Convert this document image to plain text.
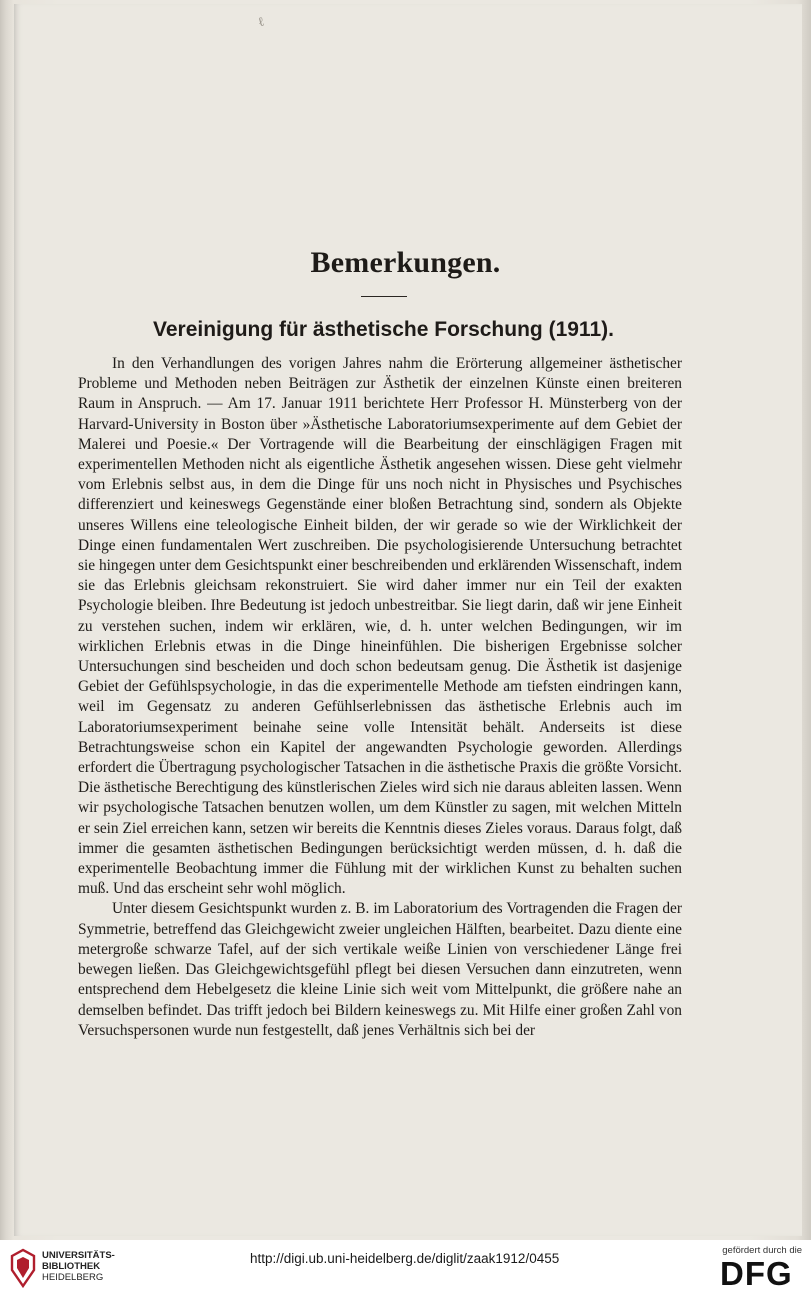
ℓ
Bemerkungen.
Vereinigung für ästhetische Forschung (1911).

In den Verhandlungen des vorigen Jahres nahm die Erörterung allgemeiner ästhetischer Probleme und Methoden neben Beiträgen zur Ästhetik der einzelnen Künste einen breiteren Raum in Anspruch. — Am 17. Januar 1911 berichtete Herr Professor H. Münsterberg von der Harvard-University in Boston über »Ästhetische Laboratoriumsexperimente auf dem Gebiet der Malerei und Poesie.« Der Vortragende will die Bearbeitung der einschlägigen Fragen mit experimentellen Methoden nicht als eigentliche Ästhetik angesehen wissen. Diese geht vielmehr vom Erlebnis selbst aus, in dem die Dinge für uns noch nicht in Physisches und Psychisches differenziert und keineswegs Gegenstände einer bloßen Betrachtung sind, sondern als Objekte unseres Willens eine teleologische Einheit bilden, der wir gerade so wie der Wirklichkeit der Dinge einen fundamentalen Wert zuschreiben. Die psychologisierende Untersuchung betrachtet sie hingegen unter dem Gesichtspunkt einer beschreibenden und erklärenden Wissenschaft, indem sie das Erlebnis gleichsam rekonstruiert. Sie wird daher immer nur ein Teil der exakten Psychologie bleiben. Ihre Bedeutung ist jedoch unbestreitbar. Sie liegt darin, daß wir jene Einheit zu verstehen suchen, indem wir erklären, wie, d. h. unter welchen Bedingungen, wir im wirklichen Erlebnis etwas in die Dinge hineinfühlen. Die bisherigen Ergebnisse solcher Untersuchungen sind bescheiden und doch schon bedeutsam genug. Die Ästhetik ist dasjenige Gebiet der Gefühlspsychologie, in das die experimentelle Methode am tiefsten eindringen kann, weil im Gegensatz zu anderen Gefühlserlebnissen das ästhetische Erlebnis auch im Laboratoriumsexperiment beinahe seine volle Intensität behält. Anderseits ist diese Betrachtungsweise schon ein Kapitel der angewandten Psychologie geworden. Allerdings erfordert die Übertragung psychologischer Tatsachen in die ästhetische Praxis die größte Vorsicht. Die ästhetische Berechtigung des künstlerischen Zieles wird sich nie daraus ableiten lassen. Wenn wir psychologische Tatsachen benutzen wollen, um dem Künstler zu sagen, mit welchen Mitteln er sein Ziel erreichen kann, setzen wir bereits die Kenntnis dieses Zieles voraus. Daraus folgt, daß immer die gesamten ästhetischen Bedingungen berücksichtigt werden müssen, d. h. daß die experimentelle Beobachtung immer die Fühlung mit der wirklichen Kunst zu behalten suchen muß. Und das erscheint sehr wohl möglich.

Unter diesem Gesichtspunkt wurden z. B. im Laboratorium des Vortragenden die Fragen der Symmetrie, betreffend das Gleichgewicht zweier ungleichen Hälften, bearbeitet. Dazu diente eine metergroße schwarze Tafel, auf der sich vertikale weiße Linien von verschiedener Länge frei bewegen ließen. Das Gleichgewichtsgefühl pflegt bei diesen Versuchen dann einzutreten, wenn entsprechend dem Hebelgesetz die kleine Linie sich weit vom Mittelpunkt, die größere nahe an demselben befindet. Das trifft jedoch bei Bildern keineswegs zu. Mit Hilfe einer großen Zahl von Versuchspersonen wurde nun festgestellt, daß jenes Verhältnis sich bei der

UNIVERSITÄTS-
BIBLIOTHEK
HEIDELBERG
http://digi.ub.uni-heidelberg.de/diglit/zaak1912/0455
gefördert durch die
DFG
